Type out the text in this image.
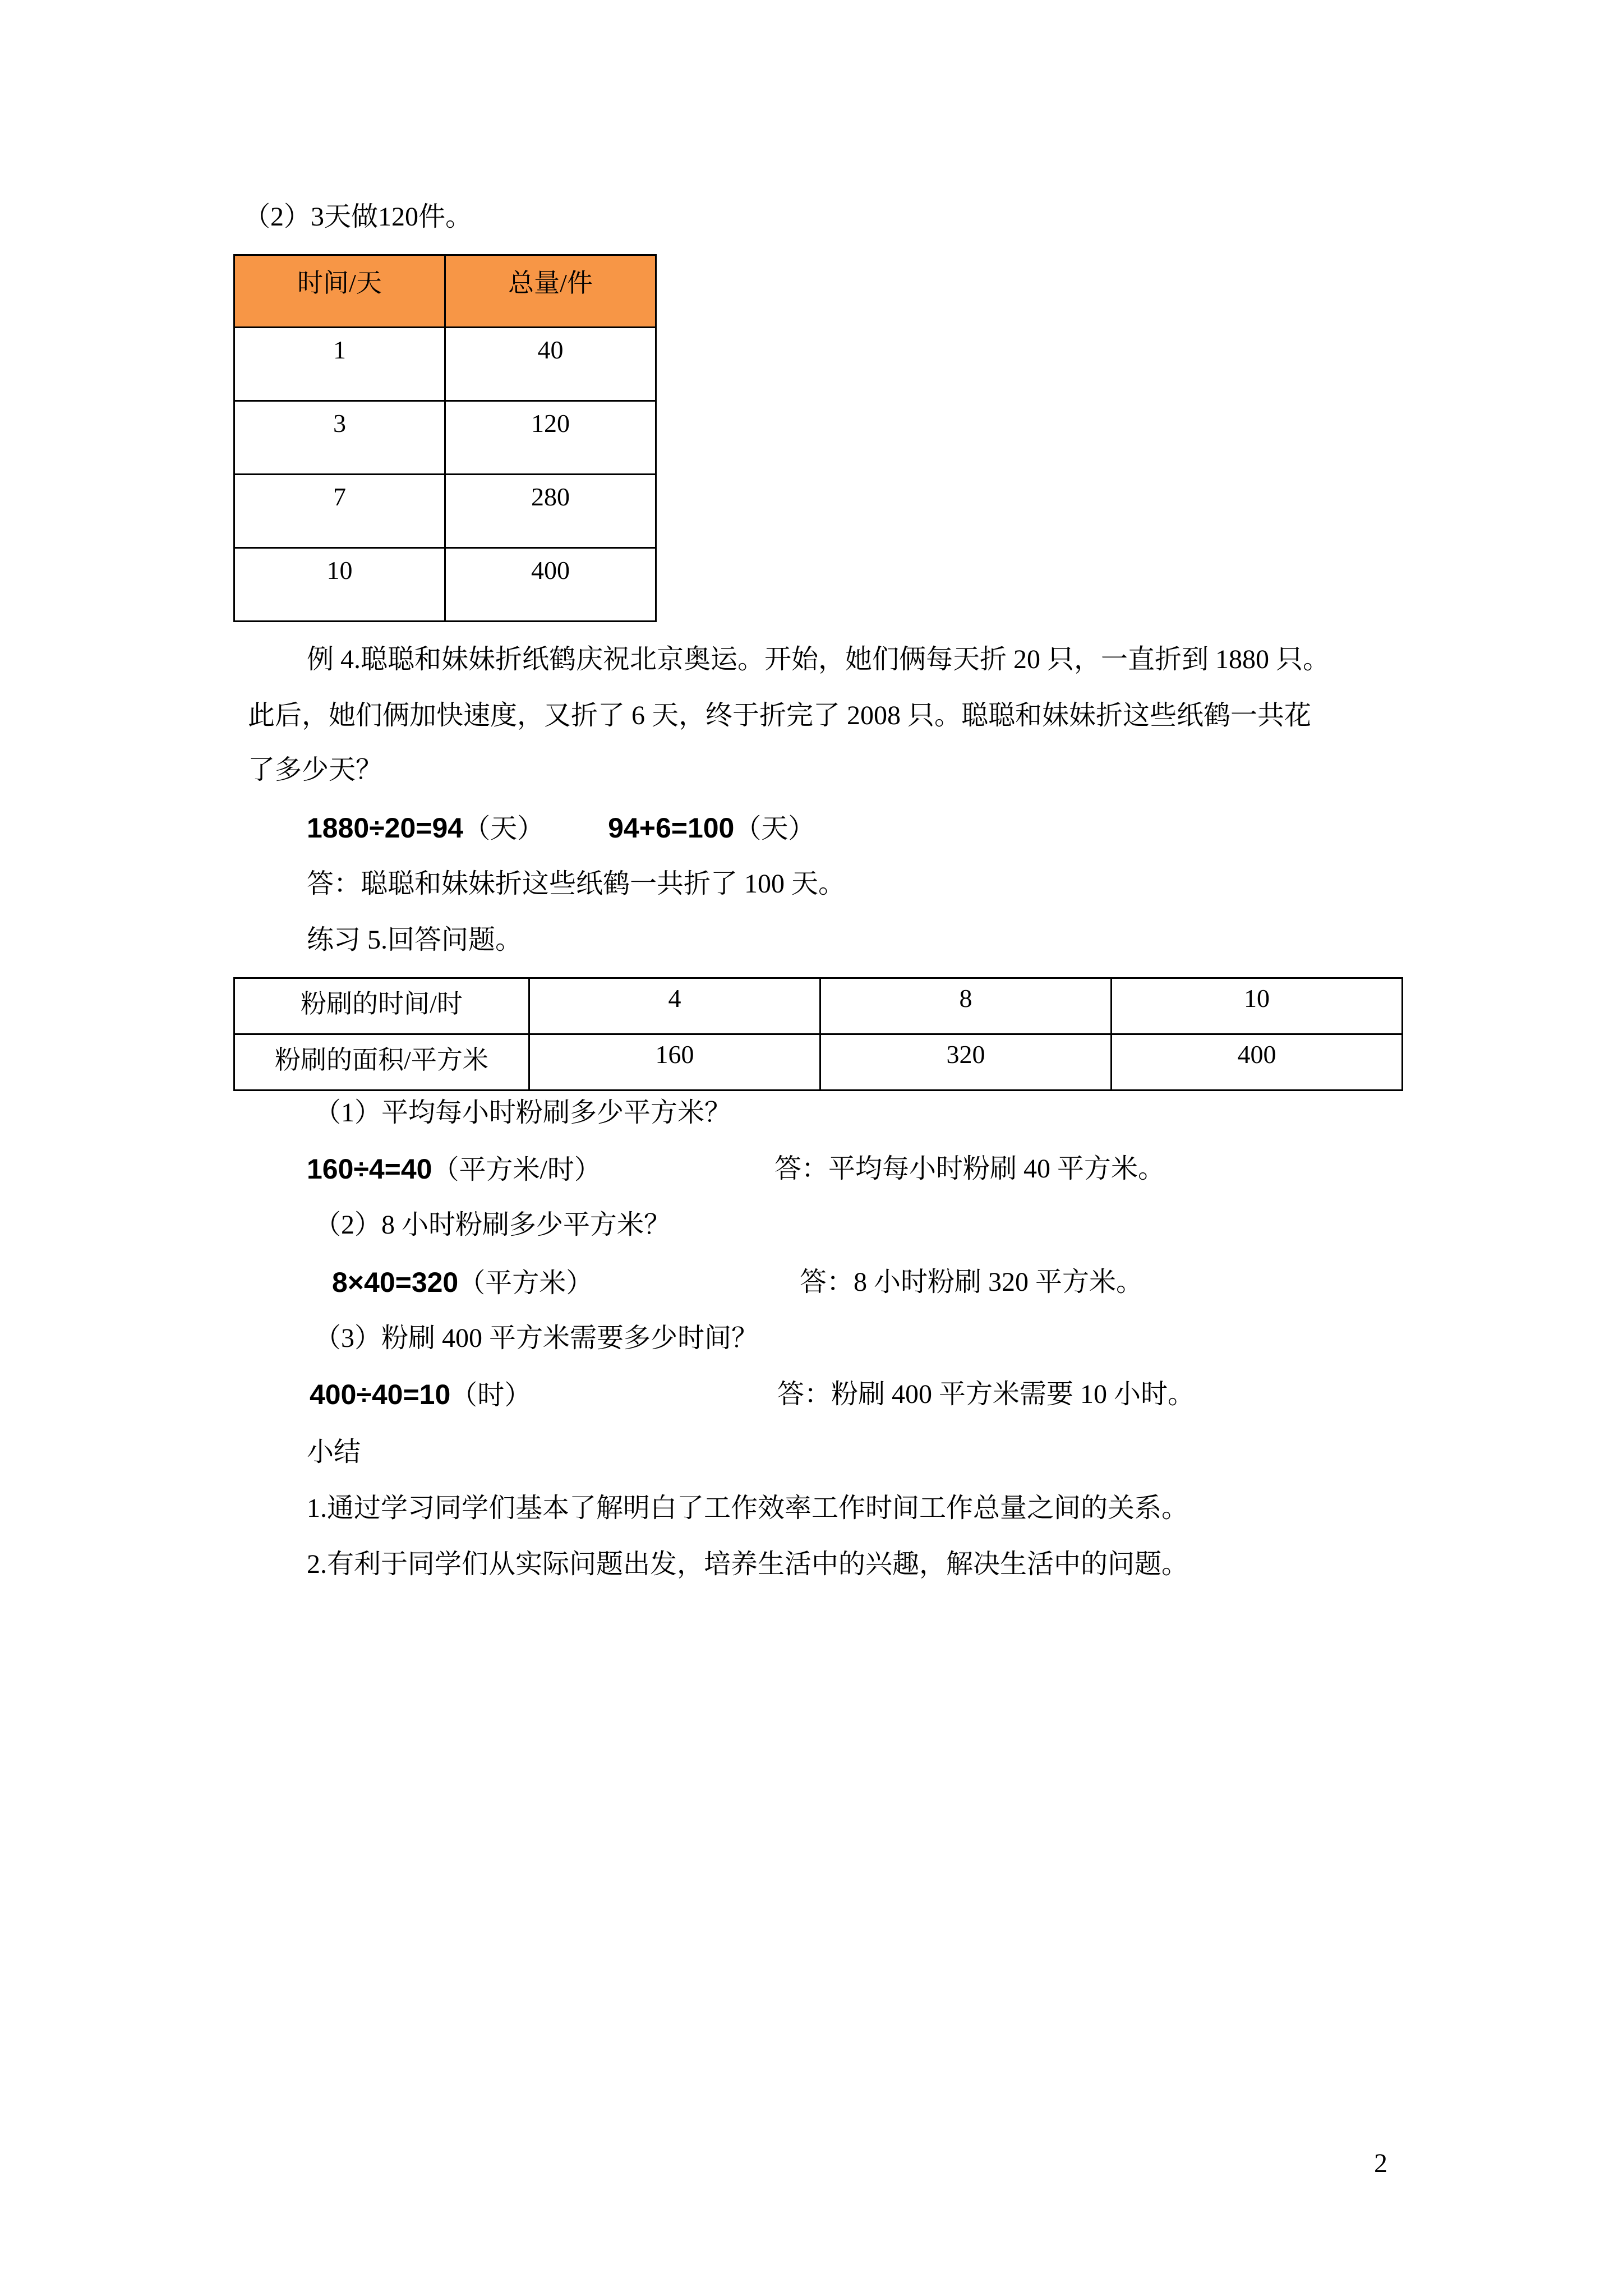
（2）3天做120件。
时间/天	总量/件
1	40
3	120
7	280
10	400
例 4.聪聪和妹妹折纸鹤庆祝北京奥运。开始，她们俩每天折 20 只，一直折到 1880 只。
此后，她们俩加快速度，又折了 6 天，终于折完了 2008 只。聪聪和妹妹折这些纸鹤一共花
了多少天？
1880÷20=94（天） 94+6=100（天）
答：聪聪和妹妹折这些纸鹤一共折了 100 天。
练习 5.回答问题。
粉刷的时间/时	4	8	10
粉刷的面积/平方米	160	320	400
（1）平均每小时粉刷多少平方米？
160÷4=40（平方米/时）	答：平均每小时粉刷 40 平方米。
（2）8 小时粉刷多少平方米？
8×40=320（平方米）	答：8 小时粉刷 320 平方米。
（3）粉刷 400 平方米需要多少时间？
400÷40=10（时）	答：粉刷 400 平方米需要 10 小时。
小结
1.通过学习同学们基本了解明白了工作效率工作时间工作总量之间的关系。
2.有利于同学们从实际问题出发，培养生活中的兴趣，解决生活中的问题。
2
